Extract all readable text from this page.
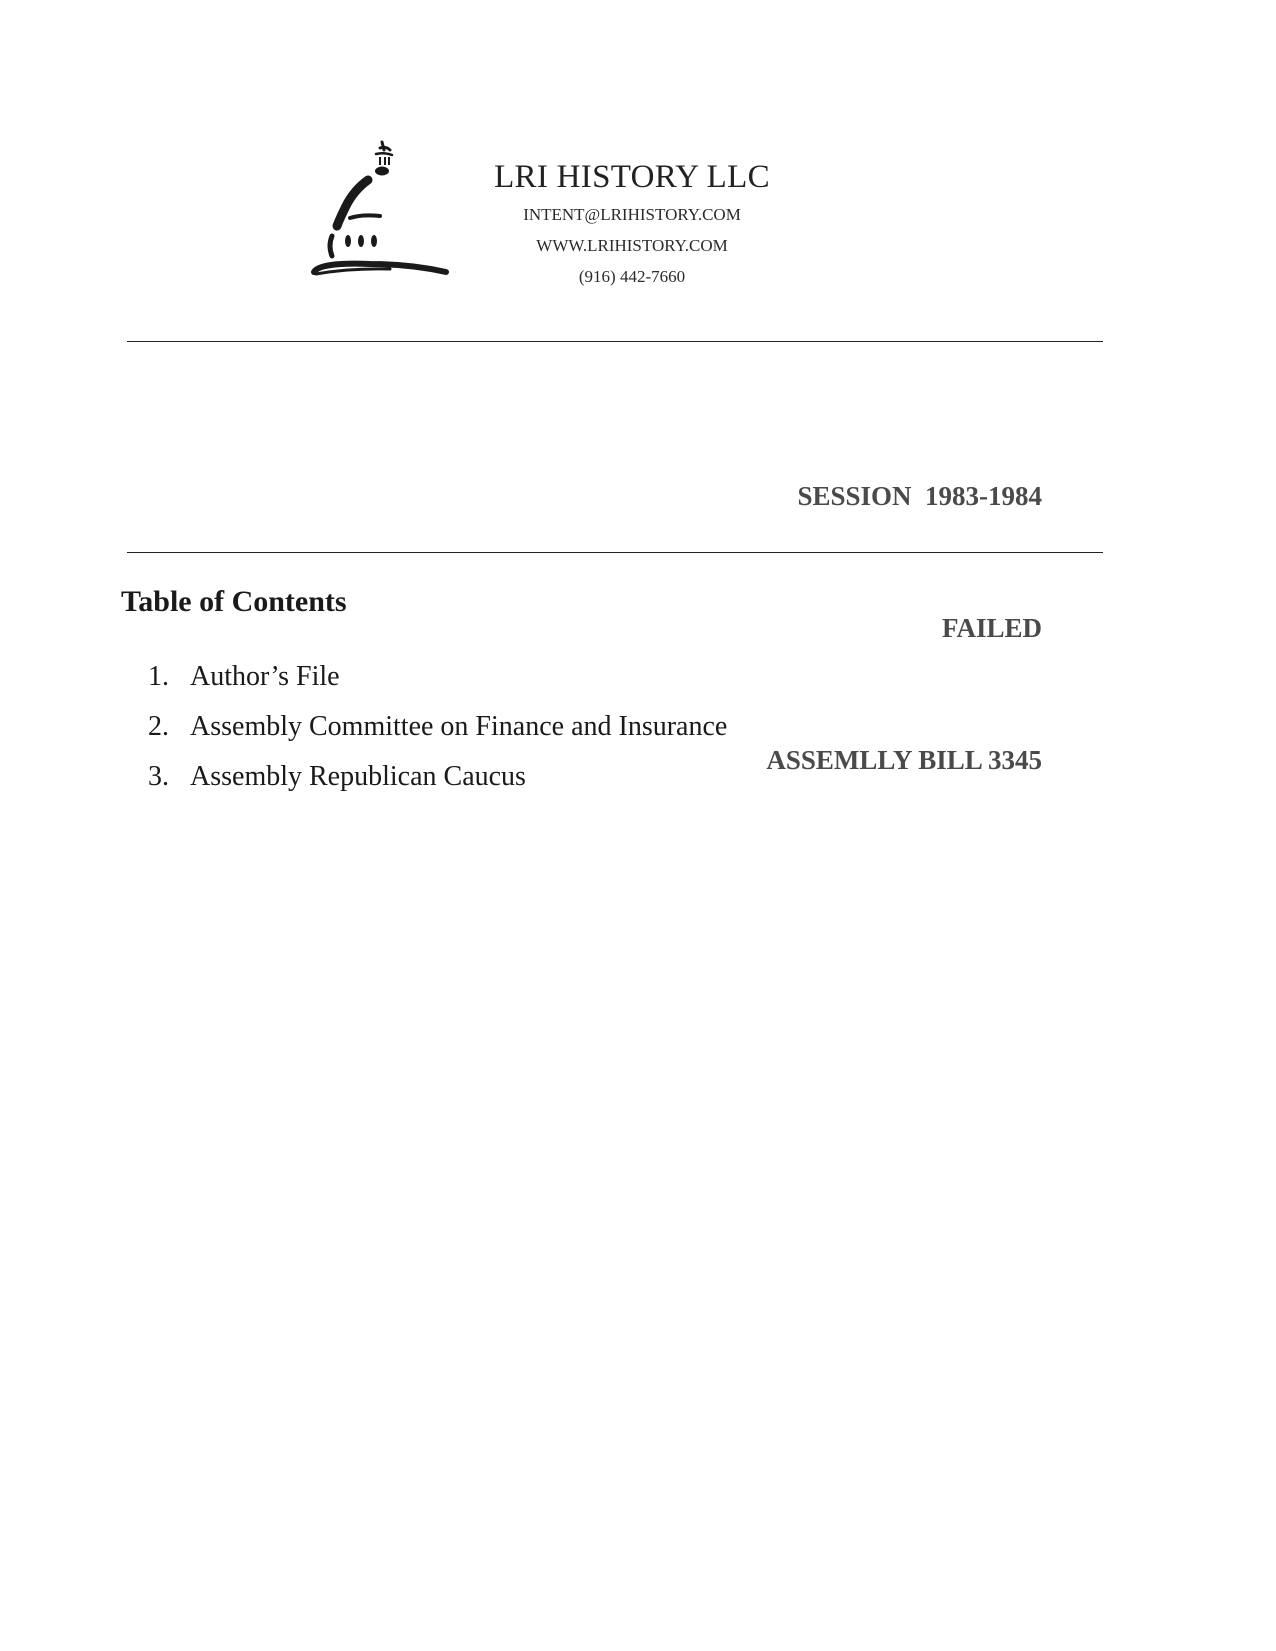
LRI HISTORY LLC
INTENT@LRIHISTORY.COM
WWW.LRIHISTORY.COM
(916) 442-7660

SESSION  1983-1984

FAILED

ASSEMLLY BILL 3345

Table of Contents
1. Author’s File
2. Assembly Committee on Finance and Insurance
3. Assembly Republican Caucus
